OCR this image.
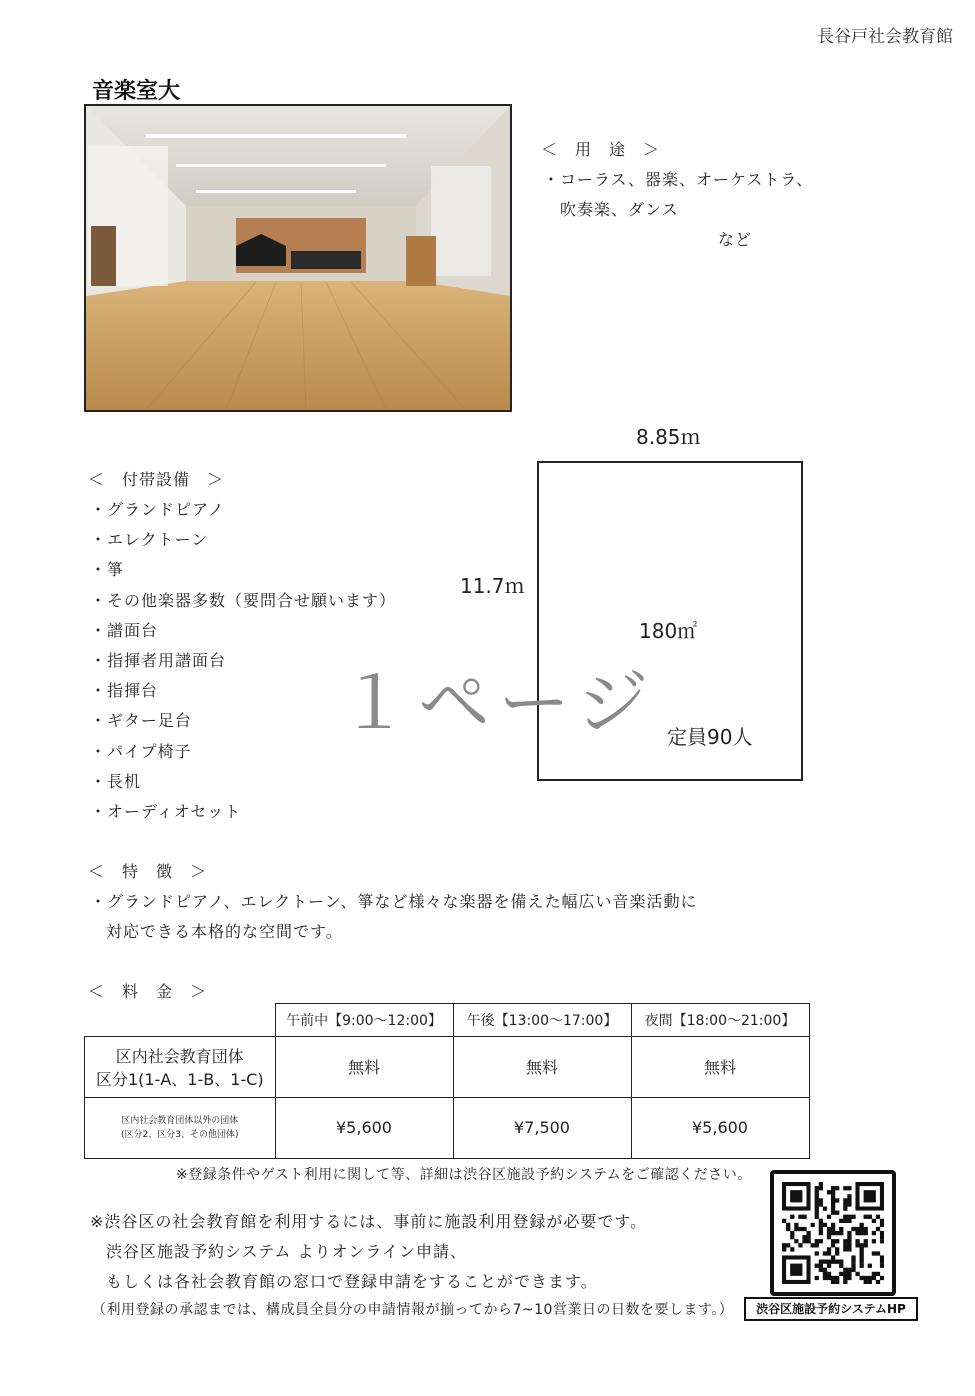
長谷戸社会教育館
音楽室大
＜　用　途　＞
・コーラス、器楽、オーケストラ、
吹奏楽、ダンス
など
8.85ｍ
11.7ｍ
180㎡
定員90人
１ページ
＜　付帯設備　＞
・グランドピアノ
・エレクトーン
・箏
・その他楽器多数（要問合せ願います）
・譜面台
・指揮者用譜面台
・指揮台
・ギター足台
・パイプ椅子
・長机
・オーディオセット
＜　特　徴　＞
・グランドピアノ、エレクトーン、箏など様々な楽器を備えた幅広い音楽活動に
対応できる本格的な空間です。
＜　料　金　＞
	午前中【9:00～12:00】	午後【13:00～17:00】	夜間【18:00～21:00】

区内社会教育団体
区分1(1-A、1-B、1-C)	無料	無料	無料

区内社会教育団体以外の団体
(区分2、区分3、その他団体)	¥5,600	¥7,500	¥5,600
※登録条件やゲスト利用に関して等、詳細は渋谷区施設予約システムをご確認ください。
※渋谷区の社会教育館を利用するには、事前に施設利用登録が必要です。
渋谷区施設予約システム よりオンライン申請、
もしくは各社会教育館の窓口で登録申請をすることができます。
（利用登録の承認までは、構成員全員分の申請情報が揃ってから7~10営業日の日数を要します。）	渋谷区施設予約システムHP
